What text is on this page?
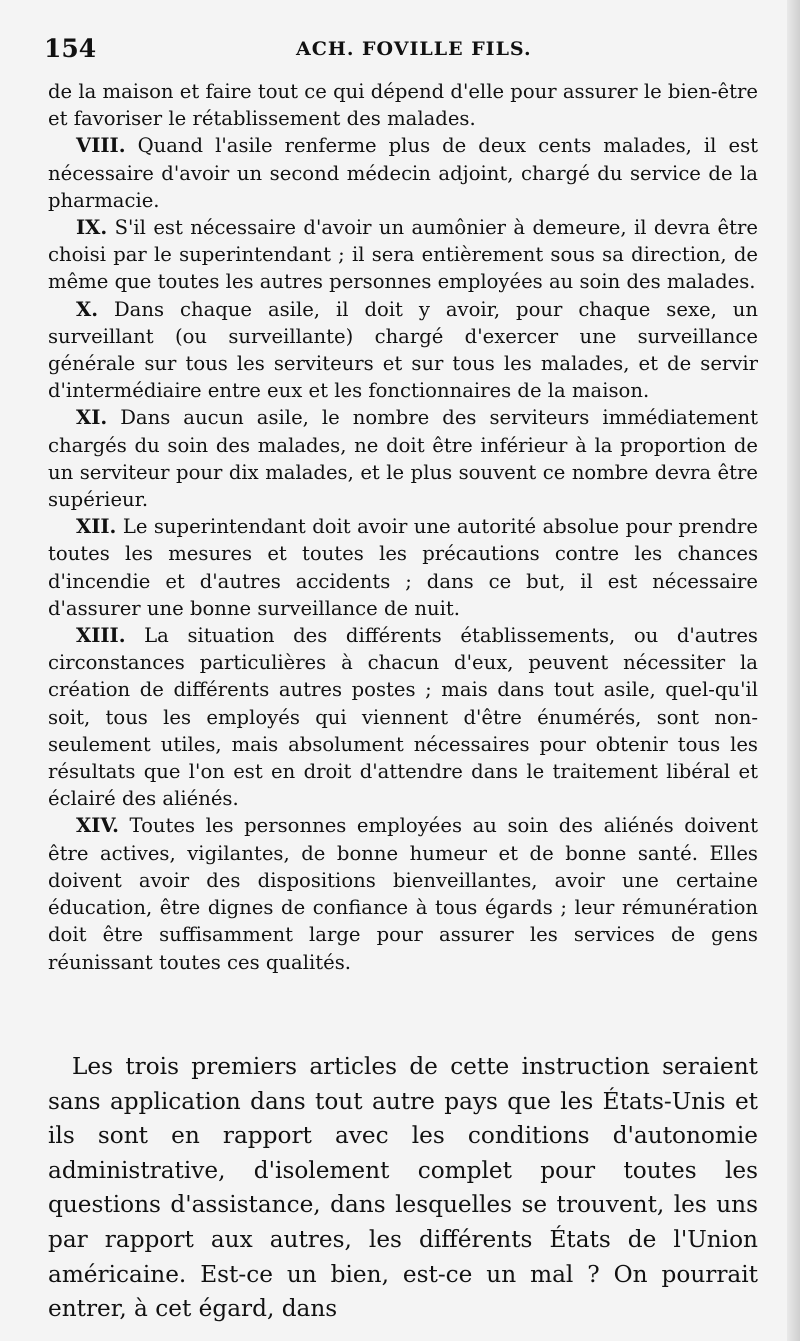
154	ACH. FOVILLE FILS.

de la maison et faire tout ce qui dépend d'elle pour assurer le bien-être et favoriser le rétablissement des malades.

VIII. Quand l'asile renferme plus de deux cents malades, il est nécessaire d'avoir un second médecin adjoint, chargé du service de la pharmacie.

IX. S'il est nécessaire d'avoir un aumônier à demeure, il devra être choisi par le superintendant ; il sera entièrement sous sa direction, de même que toutes les autres personnes employées au soin des malades.

X. Dans chaque asile, il doit y avoir, pour chaque sexe, un surveillant (ou surveillante) chargé d'exercer une surveillance générale sur tous les serviteurs et sur tous les malades, et de servir d'intermédiaire entre eux et les fonctionnaires de la maison.

XI. Dans aucun asile, le nombre des serviteurs immédiatement chargés du soin des malades, ne doit être inférieur à la proportion de un serviteur pour dix malades, et le plus souvent ce nombre devra être supérieur.

XII. Le superintendant doit avoir une autorité absolue pour prendre toutes les mesures et toutes les précautions contre les chances d'incendie et d'autres accidents ; dans ce but, il est nécessaire d'assurer une bonne surveillance de nuit.

XIII. La situation des différents établissements, ou d'autres circonstances particulières à chacun d'eux, peuvent nécessiter la création de différents autres postes ; mais dans tout asile, quel-qu'il soit, tous les employés qui viennent d'être énumérés, sont non-seulement utiles, mais absolument nécessaires pour obtenir tous les résultats que l'on est en droit d'attendre dans le traitement libéral et éclairé des aliénés.

XIV. Toutes les personnes employées au soin des aliénés doivent être actives, vigilantes, de bonne humeur et de bonne santé. Elles doivent avoir des dispositions bienveillantes, avoir une certaine éducation, être dignes de confiance à tous égards ; leur rémunération doit être suffisamment large pour assurer les services de gens réunissant toutes ces qualités.

Les trois premiers articles de cette instruction seraient sans application dans tout autre pays que les États-Unis et ils sont en rapport avec les conditions d'autonomie administrative, d'isolement complet pour toutes les questions d'assistance, dans lesquelles se trouvent, les uns par rapport aux autres, les différents États de l'Union américaine. Est-ce un bien, est-ce un mal ? On pourrait entrer, à cet égard, dans
